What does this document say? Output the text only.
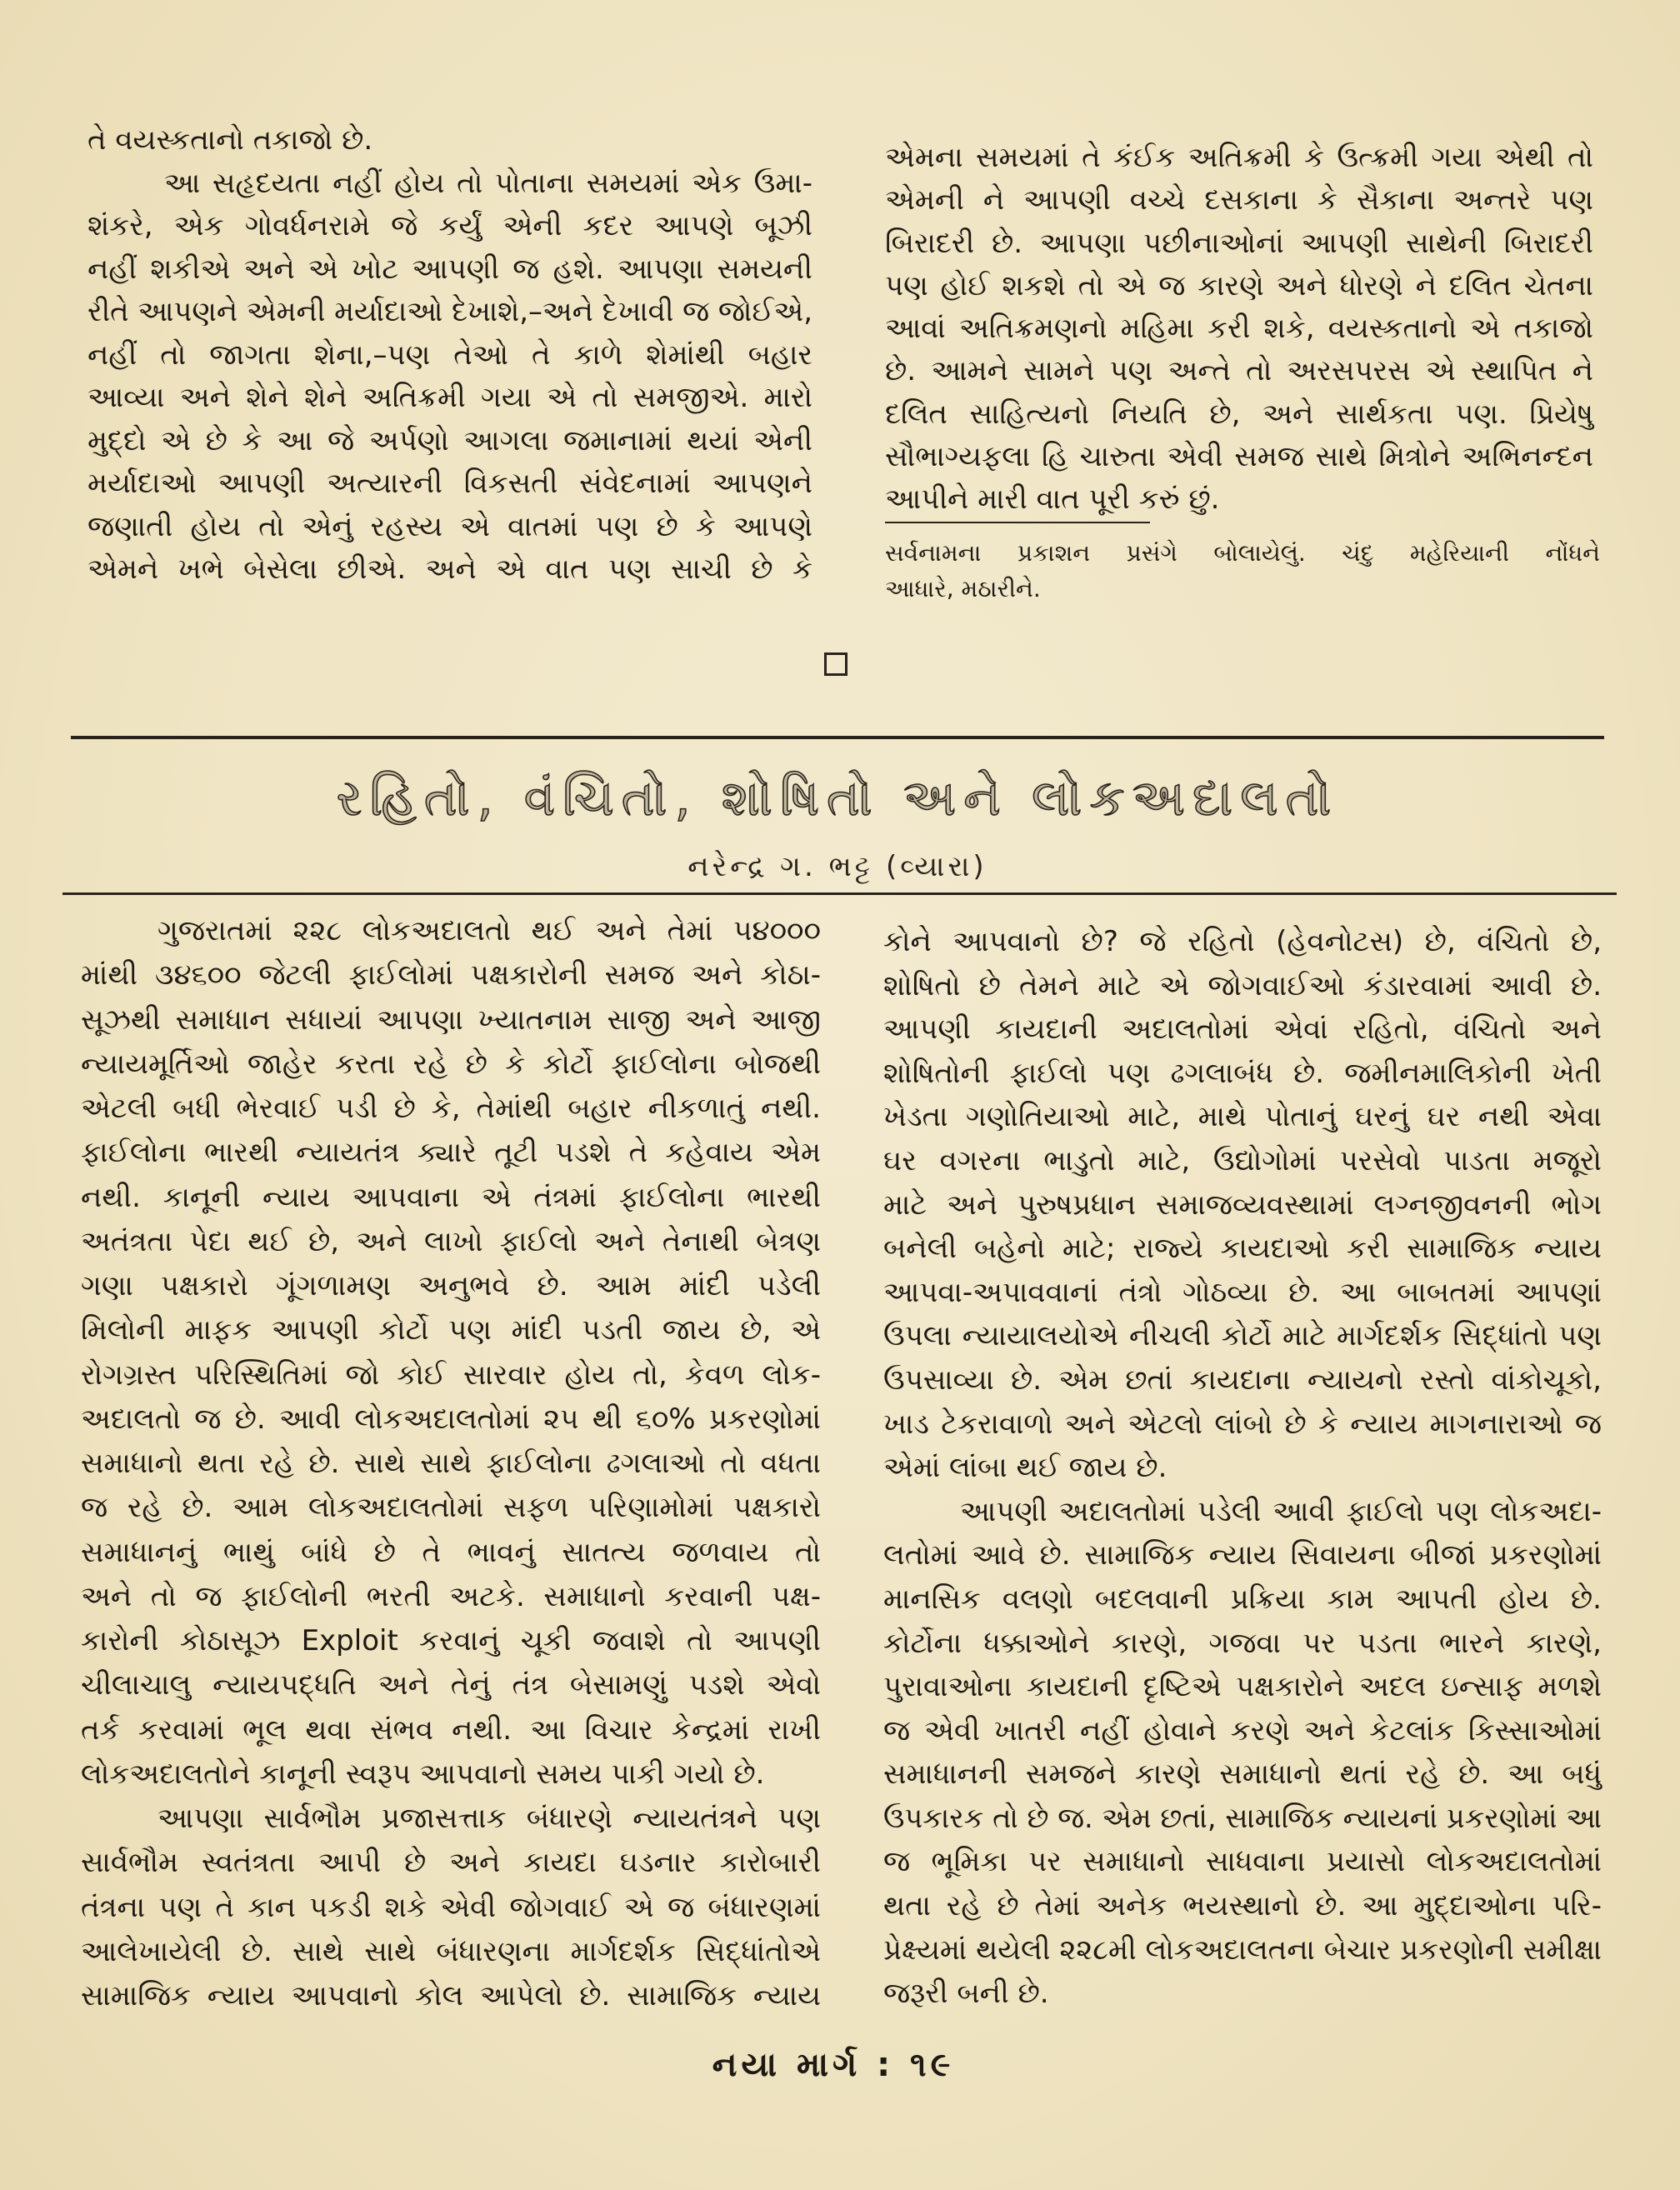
તે વયસ્કતાનો તકાજો છે.
આ સહૃદયતા નહીં હોય તો પોતાના સમયમાં એક ઉમા-
શંકરે, એક ગોવર્ધનરામે જે કર્યું એની કદર આપણે બૂઝી
નહીં શકીએ અને એ ખોટ આપણી જ હશે. આપણા સમયની
રીતે આપણને એમની મર્યાદાઓ દેખાશે,–અને દેખાવી જ જોઈએ,
નહીં તો જાગતા શેના,–પણ તેઓ તે કાળે શેમાંથી બહાર
આવ્યા અને શેને શેને અતિક્રમી ગયા એ તો સમજીએ. મારો
મુદ્દો એ છે કે આ જે અર્પણો આગલા જમાનામાં થયાં એની
મર્યાદાઓ આપણી અત્યારની વિકસતી સંવેદનામાં આપણને
જણાતી હોય તો એનું રહસ્ય એ વાતમાં પણ છે કે આપણે
એમને ખભે બેસેલા છીએ. અને એ વાત પણ સાચી છે કે
એમના સમયમાં તે કંઈક અતિક્રમી કે ઉત્ક્રમી ગયા એથી તો
એમની ને આપણી વચ્ચે દસકાના કે સૈકાના અન્તરે પણ
બિરાદરી છે. આપણા પછીનાઓનાં આપણી સાથેની બિરાદરી
પણ હોઈ શકશે તો એ જ કારણે અને ધોરણે ને દલિત ચેતના
આવાં અતિક્રમણનો મહિમા કરી શકે, વયસ્કતાનો એ તકાજો
છે. આમને સામને પણ અન્તે તો અરસપરસ એ સ્થાપિત ને
દલિત સાહિત્યનો નિયતિ છે, અને સાર્થકતા પણ. પ્રિયેષુ
સૌભાગ્યફલા હિ ચારુતા એવી સમજ સાથે મિત્રોને અભિનન્દન
આપીને મારી વાત પૂરી કરું છું.
સર્વનામના પ્રકાશન પ્રસંગે બોલાયેલું. ચંદુ મહેરિયાની નોંધને
આધારે, મઠારીને.
રહિતો, વંચિતો, શોષિતો અને લોકઅદાલતો
નરેન્દ્ર ગ. ભટ્ટ (વ્યારા)
ગુજરાતમાં ૨૨૮ લોકઅદાલતો થઈ અને તેમાં ૫૪૦૦૦
માંથી ૩૪૬૦૦ જેટલી ફાઈલોમાં પક્ષકારોની સમજ અને કોઠા-
સૂઝથી સમાધાન સધાયાં આપણા ખ્યાતનામ સાજી અને આજી
ન્યાયમૂર્તિઓ જાહેર કરતા રહે છે કે કોર્ટો ફાઈલોના બોજથી
એટલી બધી ભેરવાઈ પડી છે કે, તેમાંથી બહાર નીકળાતું નથી.
ફાઈલોના ભારથી ન્યાયતંત્ર ક્યારે તૂટી પડશે તે કહેવાય એમ
નથી. કાનૂની ન્યાય આપવાના એ તંત્રમાં ફાઈલોના ભારથી
અતંત્રતા પેદા થઈ છે, અને લાખો ફાઈલો અને તેનાથી બેત્રણ
ગણા પક્ષકારો ગૂંગળામણ અનુભવે છે. આમ માંદી પડેલી
મિલોની માફક આપણી કોર્ટો પણ માંદી પડતી જાય છે, એ
રોગગ્રસ્ત પરિસ્થિતિમાં જો કોઈ સારવાર હોય તો, કેવળ લોક-
અદાલતો જ છે. આવી લોકઅદાલતોમાં ૨૫ થી ૬૦% પ્રકરણોમાં
સમાધાનો થતા રહે છે. સાથે સાથે ફાઈલોના ઢગલાઓ તો વધતા
જ રહે છે. આમ લોકઅદાલતોમાં સફળ પરિણામોમાં પક્ષકારો
સમાધાનનું ભાથું બાંધે છે તે ભાવનું સાતત્ય જળવાય તો
અને તો જ ફાઈલોની ભરતી અટકે. સમાધાનો કરવાની પક્ષ-
કારોની કોઠાસૂઝ Exploit કરવાનું ચૂકી જવાશે તો આપણી
ચીલાચાલુ ન્યાયપદ્ધતિ અને તેનું તંત્ર બેસામણું પડશે એવો
તર્ક કરવામાં ભૂલ થવા સંભવ નથી. આ વિચાર કેન્દ્રમાં રાખી
લોકઅદાલતોને કાનૂની સ્વરૂપ આપવાનો સમય પાકી ગયો છે.
આપણા સાર્વભૌમ પ્રજાસત્તાક બંધારણે ન્યાયતંત્રને પણ
સાર્વભૌમ સ્વતંત્રતા આપી છે અને કાયદા ઘડનાર કારોબારી
તંત્રના પણ તે કાન પકડી શકે એવી જોગવાઈ એ જ બંધારણમાં
આલેખાયેલી છે. સાથે સાથે બંધારણના માર્ગદર્શક સિદ્ધાંતોએ
સામાજિક ન્યાય આપવાનો કોલ આપેલો છે. સામાજિક ન્યાય
કોને આપવાનો છે? જે રહિતો (હેવનોટસ) છે, વંચિતો છે,
શોષિતો છે તેમને માટે એ જોગવાઈઓ કંડારવામાં આવી છે.
આપણી કાયદાની અદાલતોમાં એવાં રહિતો, વંચિતો અને
શોષિતોની ફાઈલો પણ ઢગલાબંધ છે. જમીનમાલિકોની ખેતી
ખેડતા ગણોતિયાઓ માટે, માથે પોતાનું ઘરનું ઘર નથી એવા
ઘર વગરના ભાડુતો માટે, ઉદ્યોગોમાં પરસેવો પાડતા મજૂરો
માટે અને પુરુષપ્રધાન સમાજવ્યવસ્થામાં લગ્નજીવનની ભોગ
બનેલી બહેનો માટે; રાજ્યે કાયદાઓ કરી સામાજિક ન્યાય
આપવા-અપાવવાનાં તંત્રો ગોઠવ્યા છે. આ બાબતમાં આપણાં
ઉપલા ન્યાયાલયોએ નીચલી કોર્ટો માટે માર્ગદર્શક સિદ્ધાંતો પણ
ઉપસાવ્યા છે. એમ છતાં કાયદાના ન્યાયનો રસ્તો વાંકોચૂકો,
ખાડ ટેકરાવાળો અને એટલો લાંબો છે કે ન્યાય માગનારાઓ જ
એમાં લાંબા થઈ જાય છે.
આપણી અદાલતોમાં પડેલી આવી ફાઈલો પણ લોકઅદા-
લતોમાં આવે છે. સામાજિક ન્યાય સિવાયના બીજાં પ્રકરણોમાં
માનસિક વલણો બદલવાની પ્રક્રિયા કામ આપતી હોય છે.
કોર્ટોના ધક્કાઓને કારણે, ગજવા પર પડતા ભારને કારણે,
પુરાવાઓના કાયદાની દૃષ્ટિએ પક્ષકારોને અદલ ઇન્સાફ મળશે
જ એવી ખાતરી નહીં હોવાને કરણે અને કેટલાંક કિસ્સાઓમાં
સમાધાનની સમજને કારણે સમાધાનો થતાં રહે છે. આ બધું
ઉપકારક તો છે જ. એમ છતાં, સામાજિક ન્યાયનાં પ્રકરણોમાં આ
જ ભૂમિકા પર સમાધાનો સાધવાના પ્રયાસો લોકઅદાલતોમાં
થતા રહે છે તેમાં અનેક ભયસ્થાનો છે. આ મુદ્દાઓના પરિ-
પ્રેક્ષ્યમાં થયેલી ૨૨૮મી લોકઅદાલતના બેચાર પ્રકરણોની સમીક્ષા
જરૂરી બની છે.
નયા માર્ગ : ૧૯
